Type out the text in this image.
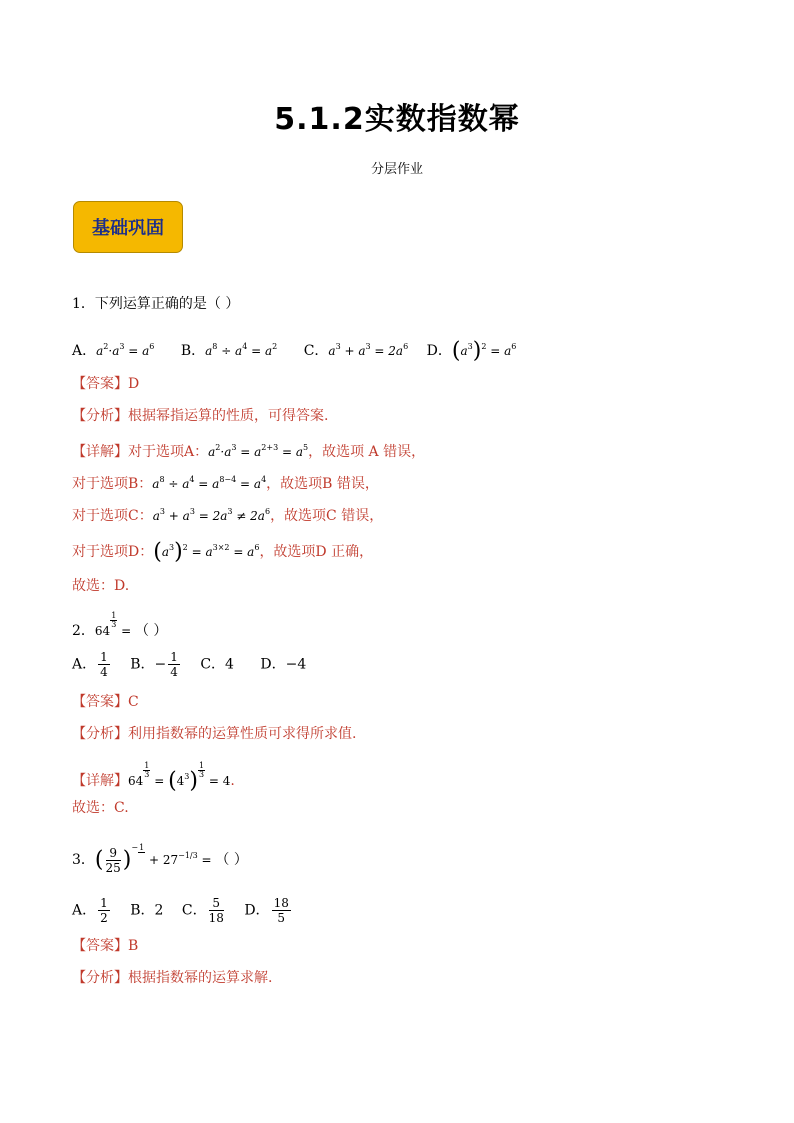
5.1.2实数指数幂
分层作业
基础巩固
1．下列运算正确的是（ ）
A．$a^2\cdot a^3 = a^6$ B．$a^8 \div a^4 = a^2$ C．$a^3 + a^3 = 2a^6$ D．$(a^3)^2 = a^6$
【答案】D
【分析】根据幂指运算的性质，可得答案.
【详解】对于选项A：$a^2\cdot a^3 = a^{2+3} = a^5$，故选项 A 错误，
对于选项B：$a^8 \div a^4 = a^{8-4} = a^4$，故选项B 错误，
对于选项C：$a^3 + a^3 = 2a^3 \ne 2a^6$，故选项C 错误，
对于选项D：$(a^3)^2 = a^{3\times 2} = a^6$，故选项D 正确，
故选：D.
2．64
$\frac{1}{3}$
= （ ）
A． $\frac{1}{4}$ B．− $\frac{1}{4}$ C．4 D．−4
【答案】C
【分析】利用指数幂的运算性质可求得所求值.
【详解】64
$\frac{1}{3}$
= $(4^3) \frac{1}{3}$
= 4.
故选：C.
3．( $\frac{9}{25} )-1 + 27^{-1/3}$ = （ ）
A． $\frac{1}{2}$ B．2 C． $\frac{5}{18}$ D． $\frac{18}{5}$
【答案】B
【分析】根据指数幂的运算求解.
